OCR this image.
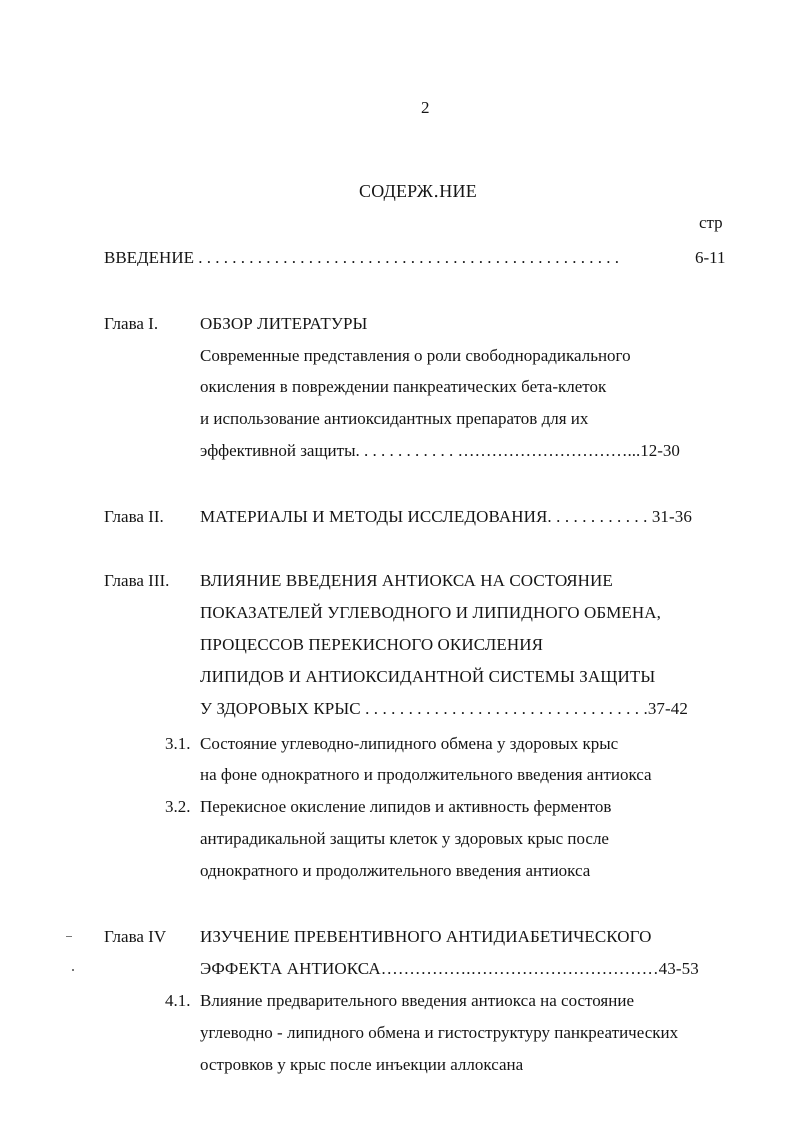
2
СОДЕРЖ․НИЕ
стр
ВВЕДЕНИЕ . . . . . . . . . . . . . . . . . . . . . . . . . . . . . . . . . . . . . . . . . . . . . . . . . .	6-11
Глава I. ОБЗОР ЛИТЕРАТУРЫ
Современные представления о роли свободнорадикального
окисления в повреждении панкреатических бета-клеток
и использование антиоксидантных препаратов для их
эффективной защиты. . . . . . . . . . . . …………………………...12-30
Глава II. МАТЕРИАЛЫ И МЕТОДЫ ИССЛЕДОВАНИЯ. . . . . . . . . . . . 31-36
Глава III. ВЛИЯНИЕ ВВЕДЕНИЯ АНТИОКСА НА СОСТОЯНИЕ
ПОКАЗАТЕЛЕЙ УГЛЕВОДНОГО И ЛИПИДНОГО ОБМЕНА,
ПРОЦЕССОВ ПЕРЕКИСНОГО ОКИСЛЕНИЯ
ЛИПИДОВ И АНТИОКСИДАНТНОЙ СИСТЕМЫ ЗАЩИТЫ
У ЗДОРОВЫХ КРЫС . . . . . . . . . . . . . . . . . . . . . . . . . . . . . . . . .37-42
3.1. Состояние углеводно-липидного обмена у здоровых крыс
на фоне однократного и продолжительного введения антиокса
3.2. Перекисное окисление липидов и активность ферментов
антирадикальной защиты клеток у здоровых крыс после
однократного и продолжительного введения антиокса
Глава IV ИЗУЧЕНИЕ ПРЕВЕНТИВНОГО АНТИДИАБЕТИЧЕСКОГО
ЭФФЕКТА АНТИОКСА…………….……………………………43-53
4.1. Влияние предварительного введения антиокса на состояние
углеводно - липидного обмена и гистоструктуру панкреатических
островков у крыс после инъекции аллоксана
